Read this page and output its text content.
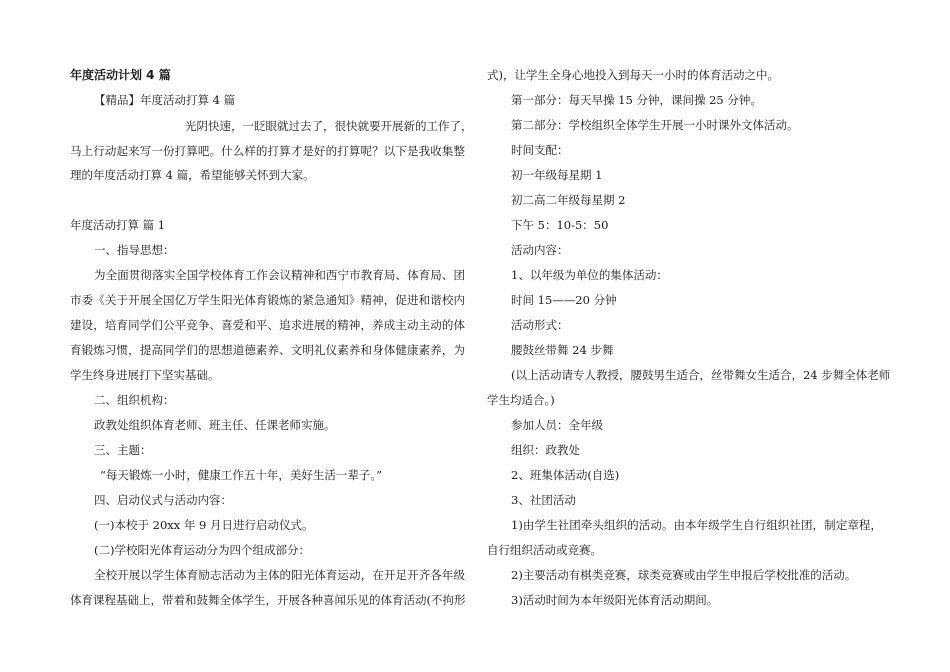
年度活动计划 4 篇
【精品】年度活动打算 4 篇
光阴快速，一眨眼就过去了，很快就要开展新的工作了，
马上行动起来写一份打算吧。什么样的打算才是好的打算呢？以下是我收集整
理的年度活动打算 4 篇，希望能够关怀到大家。
年度活动打算 篇 1
一、指导思想：
为全面贯彻落实全国学校体育工作会议精神和西宁市教育局、体育局、团
市委《关于开展全国亿万学生阳光体育锻炼的紧急通知》精神，促进和谐校内
建设，培育同学们公平竞争、喜爱和平、追求进展的精神，养成主动主动的体
育锻炼习惯，提高同学们的思想道德素养、文明礼仪素养和身体健康素养，为
学生终身进展打下坚实基础。
二、组织机构：
政教处组织体育老师、班主任、任课老师实施。
三、主题：
“每天锻炼一小时，健康工作五十年，美好生活一辈子。”
四、启动仪式与活动内容：
(一)本校于 20xx 年 9 月日进行启动仪式。
(二)学校阳光体育运动分为四个组成部分：
全校开展以学生体育励志活动为主体的阳光体育运动，在开足开齐各年级
体育课程基础上，带着和鼓舞全体学生，开展各种喜闻乐见的体育活动(不拘形
式)，让学生全身心地投入到每天一小时的体育活动之中。
第一部分：每天早操 15 分钟，课间操 25 分钟。
第二部分：学校组织全体学生开展一小时课外文体活动。
时间支配：
初一年级每星期 1
初二高二年级每星期 2
下午 5：10-5：50
活动内容：
1、以年级为单位的集体活动：
时间 15——20 分钟
活动形式：
腰鼓丝带舞 24 步舞
(以上活动请专人教授，腰鼓男生适合，丝带舞女生适合，24 步舞全体老师
学生均适合。)
参加人员：全年级
组织：政教处
2、班集体活动(自选)
3、社团活动
1)由学生社团牵头组织的活动。由本年级学生自行组织社团，制定章程，
自行组织活动或竞赛。
2)主要活动有棋类竞赛，球类竞赛或由学生申报后学校批准的活动。
3)活动时间为本年级阳光体育活动期间。
